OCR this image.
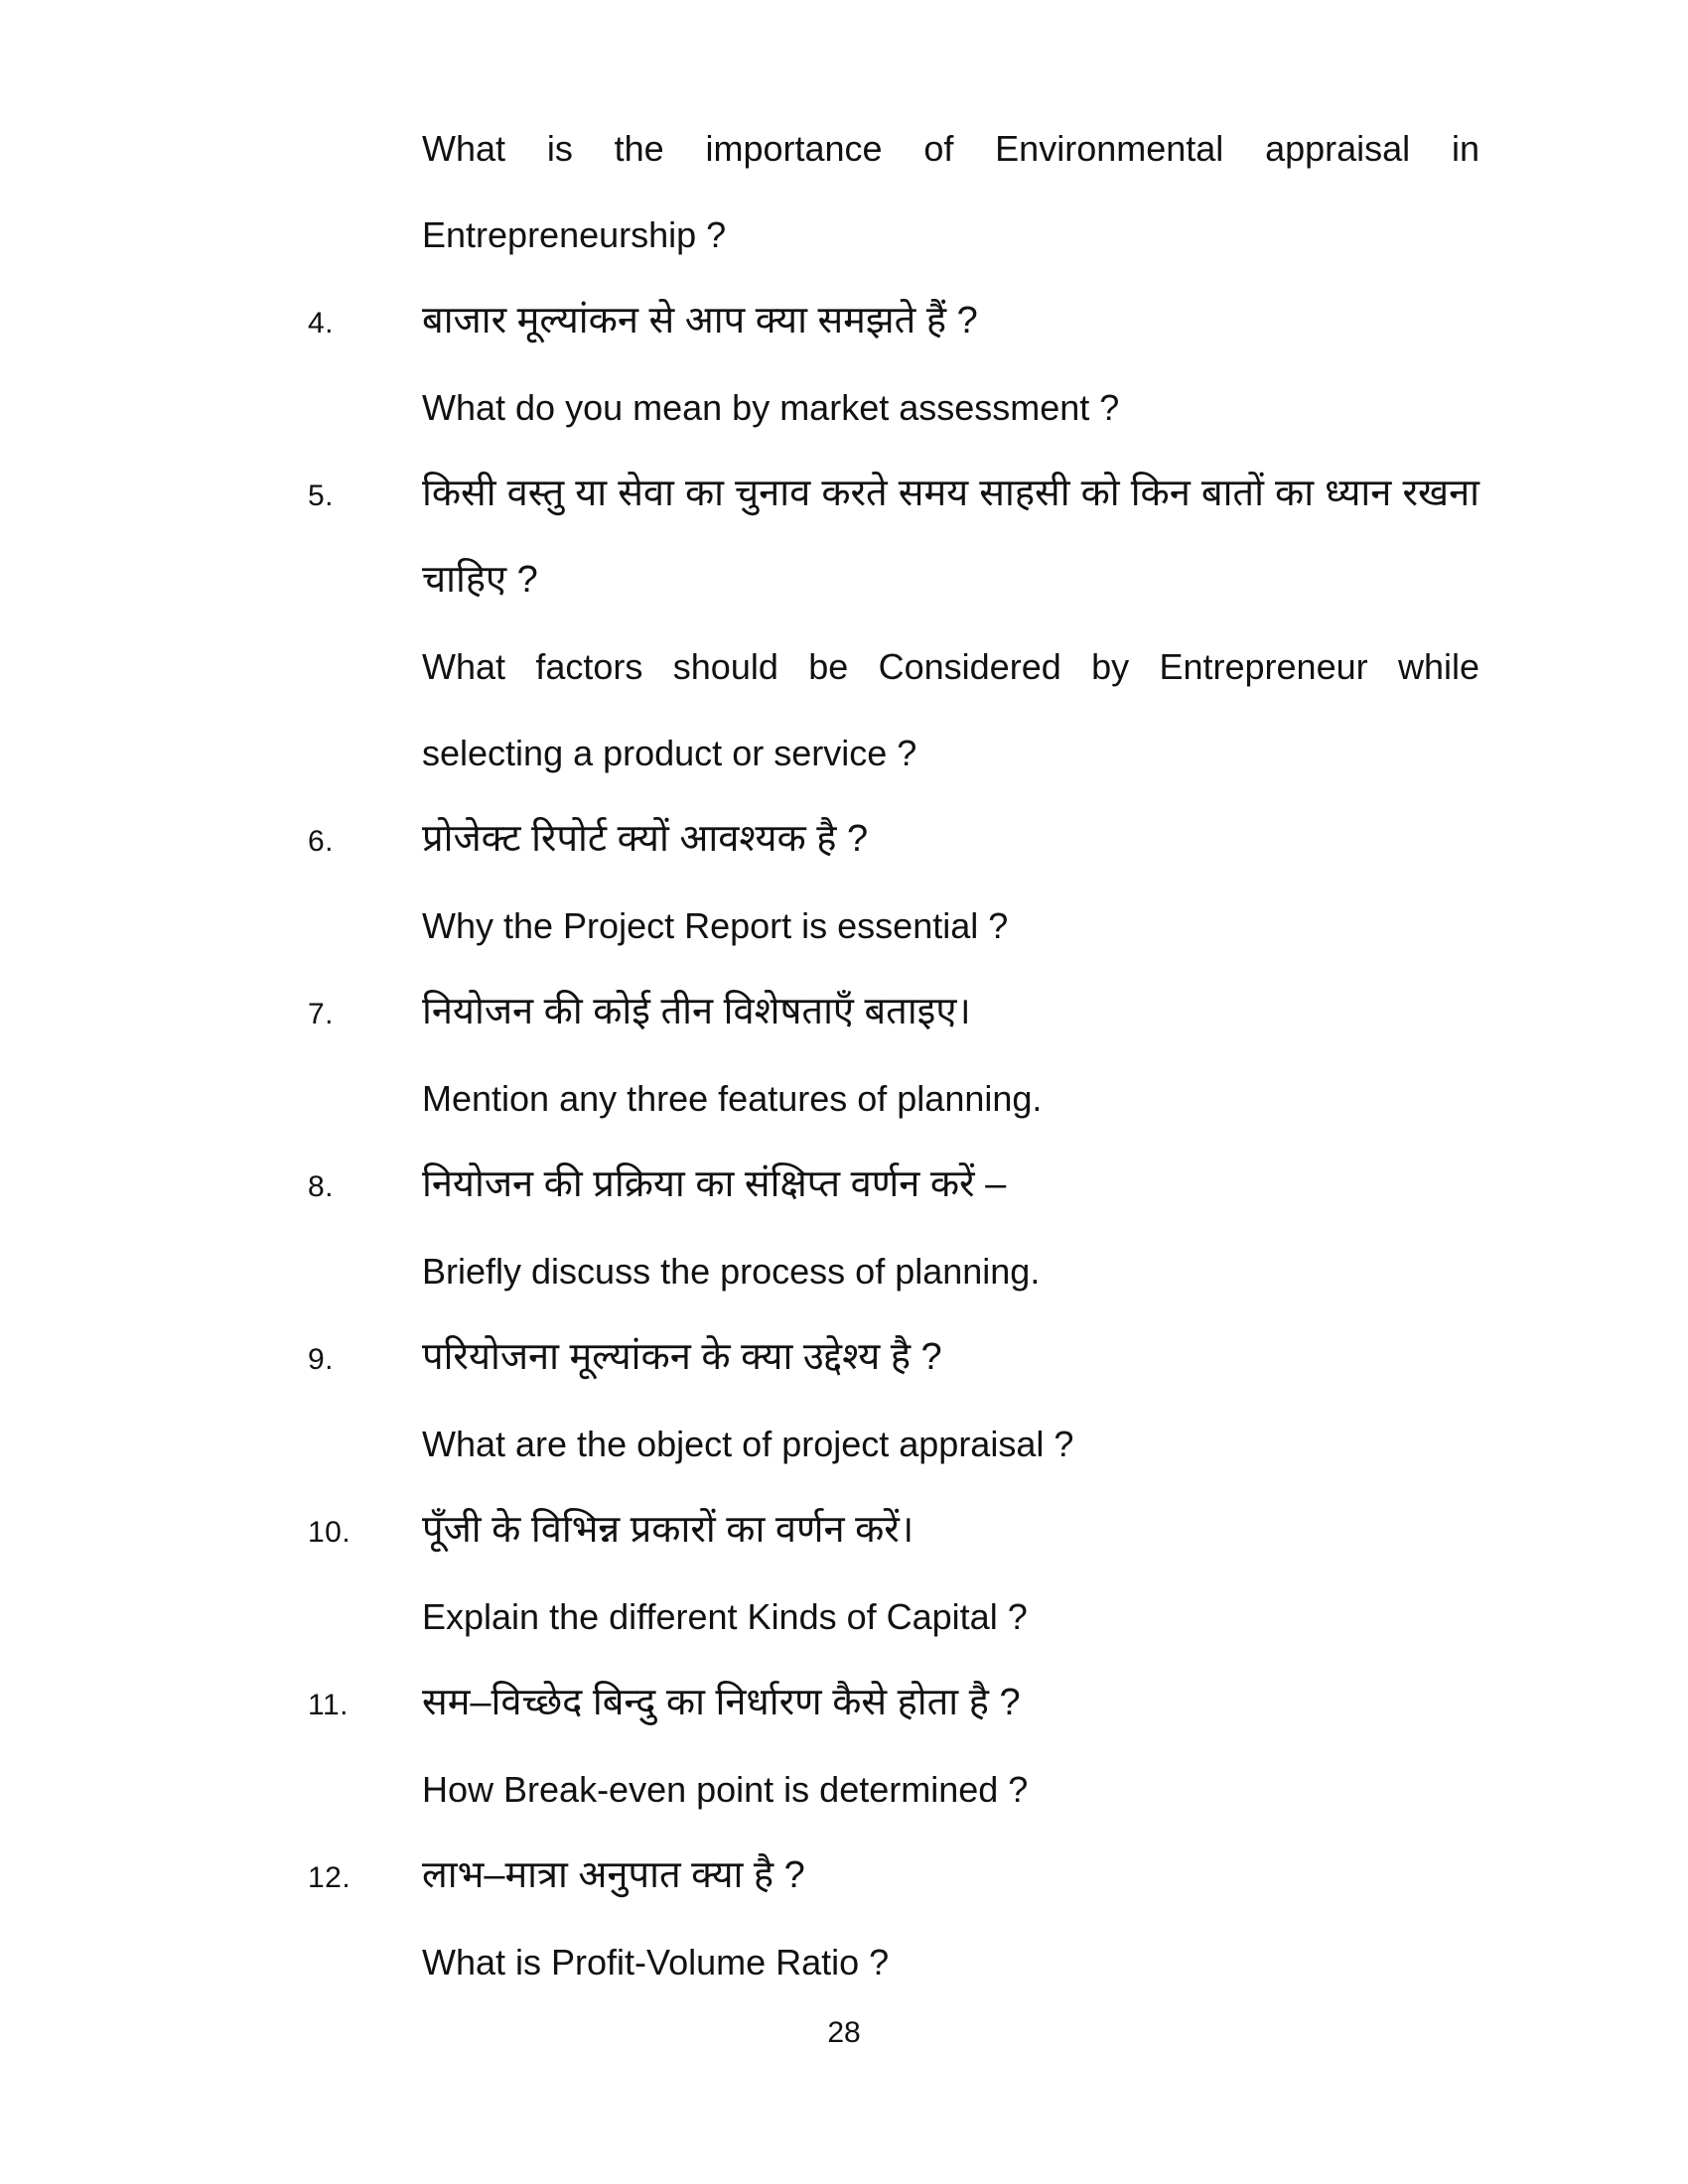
What is the importance of Environmental appraisal in
Entrepreneurship ?
4.	बाजार मूल्यांकन से आप क्या समझते हैं ?
What do you mean by market assessment ?
5.	किसी वस्तु या सेवा का चुनाव करते समय साहसी को किन बातों का ध्यान रखना
चाहिए ?
What factors should be Considered by Entrepreneur while
selecting a product or service ?
6.	प्रोजेक्ट रिपोर्ट क्यों आवश्यक है ?
Why the Project Report is essential ?
7.	नियोजन की कोई तीन विशेषताएँ बताइए।
Mention any three features of planning.
8.	नियोजन की प्रक्रिया का संक्षिप्त वर्णन करें –
Briefly discuss the process of planning.
9.	परियोजना मूल्यांकन के क्या उद्देश्य है ?
What are the object of project appraisal ?
10.	पूँजी के विभिन्न प्रकारों का वर्णन करें।
Explain the different Kinds of Capital ?
11.	सम–विच्छेद बिन्दु का निर्धारण कैसे होता है ?
How Break-even point is determined ?
12.	लाभ–मात्रा अनुपात क्या है ?
What is Profit-Volume Ratio ?
28
